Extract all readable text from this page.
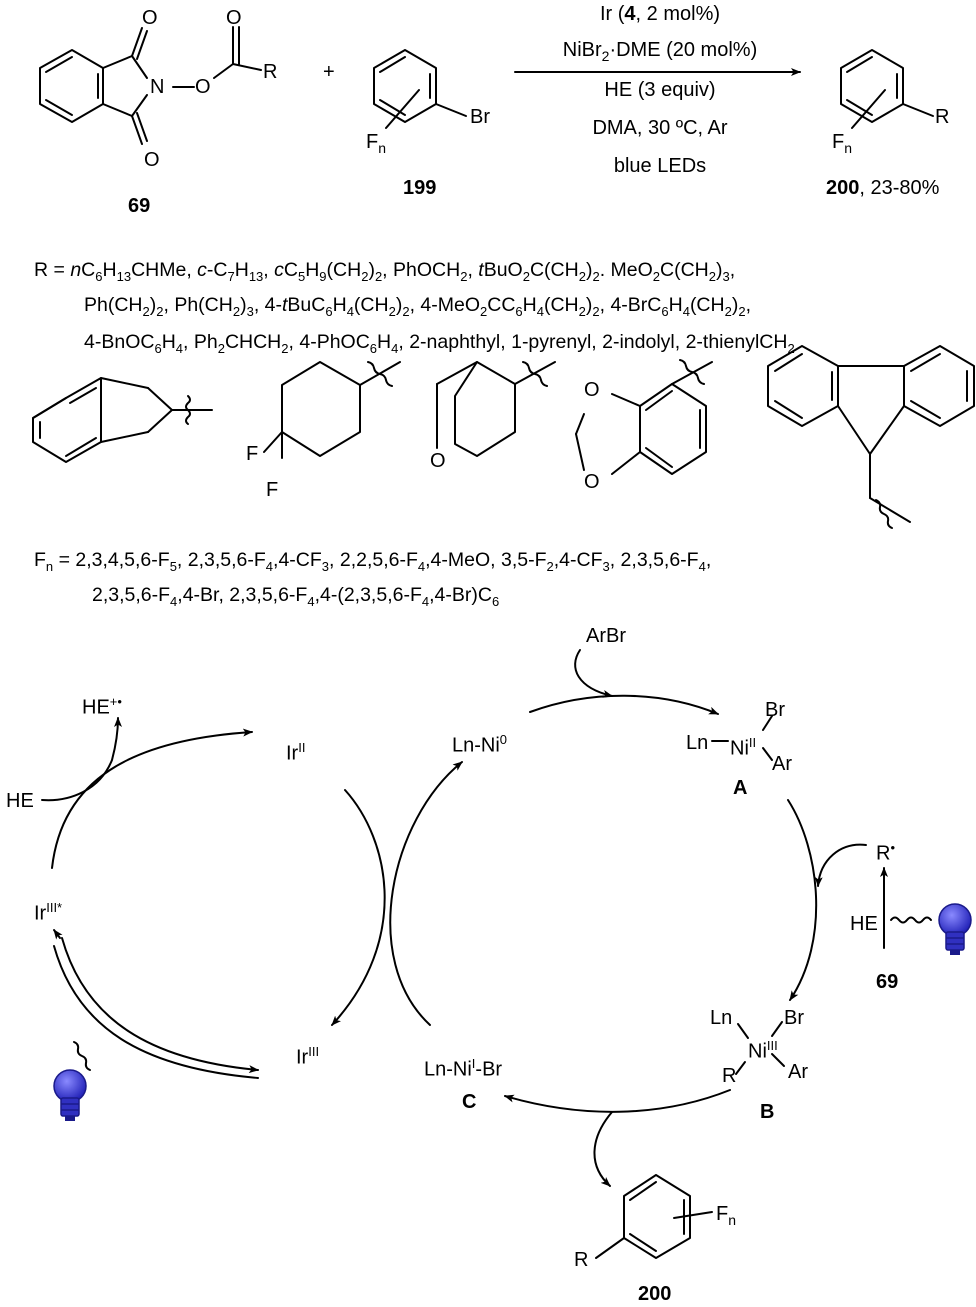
O
O
N O
O
R
69
+
Br
$F_n$
199
Ir (4, 2 mol%)
NiBr$_2$·DME (20 mol%)
HE (3 equiv)
DMA, 30 ºC, Ar
blue LEDs
R
$F_n$
200, 23-80%
$R = nC_6H_{13}CHMe$, $c-C_7H_{13}$, $cC_5H_9(CH_2)_2$, PhOCH$_2$, $tBuO_2C(CH_2)_2$. $MeO_2C(CH_2)_3$,
$Ph(CH_2)_2$, $Ph(CH_2)_3$, $4-tBuC_6H_4(CH_2)_2$, $4-MeO_2CC_6H_4(CH_2)_2$, $4-BrC_6H_4(CH_2)_2$,
$4-BnOC_6H_4$, $Ph_2CHCH_2$, $4-PhOC_6H_4$, 2-naphthyl, 1-pyrenyl, 2-indolyl, 2-thienylCH$_2$
F
F
O
O
O
$F_n = 2,3,4,5,6-F_5$, $2,3,5,6-F_4,4-CF_3$, $2,2,5,6-F_4,4$-MeO, $3,5-F_2,4-CF_3$, $2,3,5,6-F_4$,
$2,3,5,6-F_4,4-Br$, $2,3,5,6-F_4,4-(2,3,5,6-F_4,4-Br)C_6$
HE+•
HE
$Ir^{II}$
$Ir^{III*}$
$Ir^{III}$
ArBr
Ln-Ni$^0$	Ln $Ni^{II}$
Br
Ar
A
R•
HE
69
Ln
$Ni^{III}$
Br
Ar
R
B
$Ln-Ni^I-Br$
C
R
$F_n$
200
